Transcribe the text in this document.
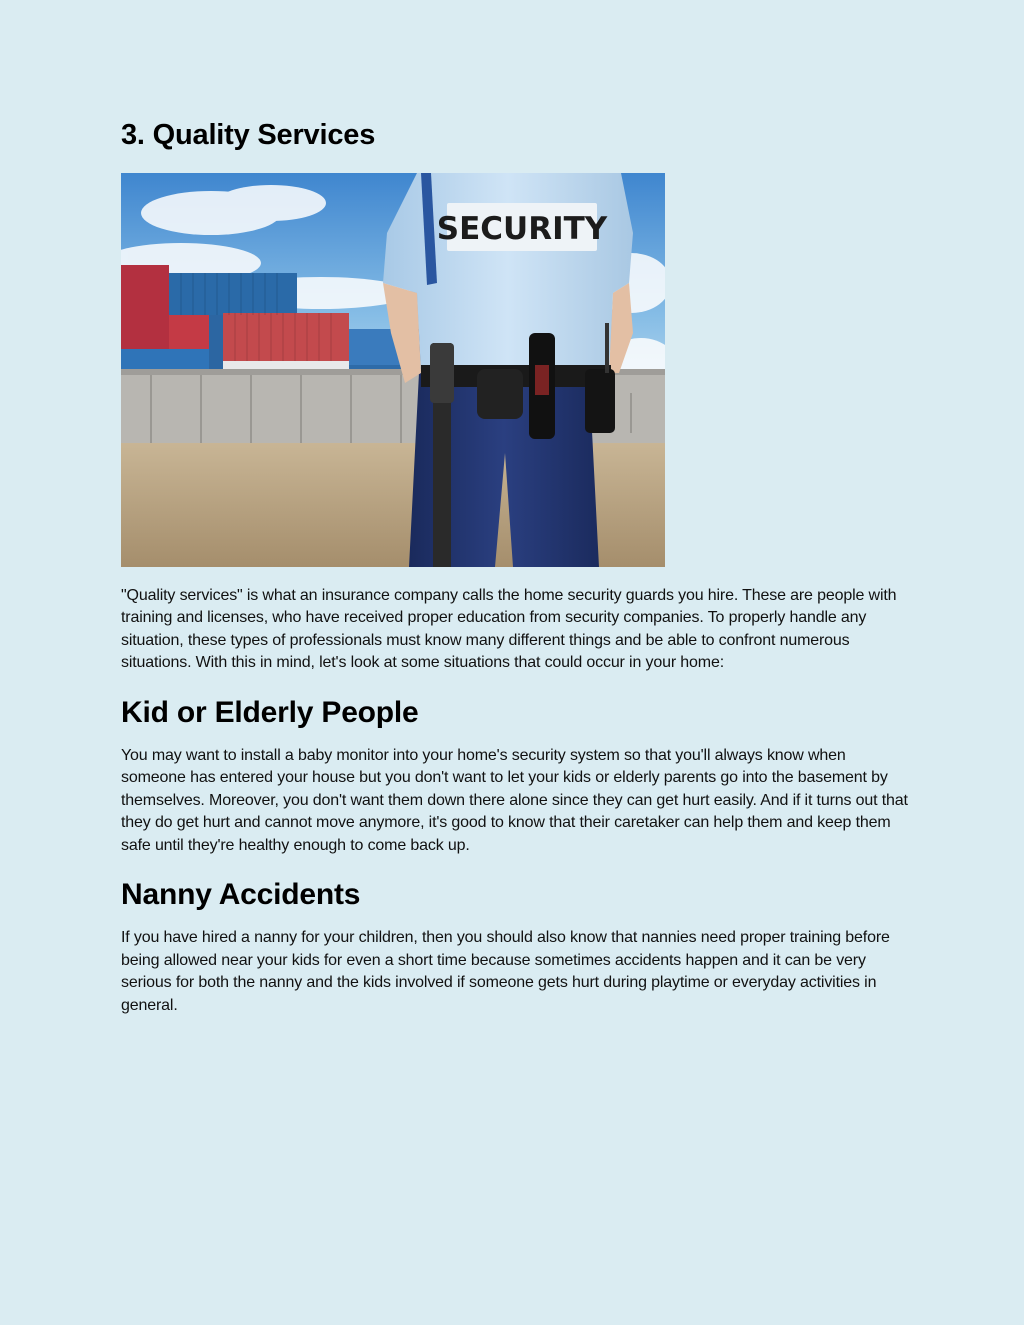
3. Quality Services
SECURITY

"Quality services" is what an insurance company calls the home security guards you hire. These are people with training and licenses, who have received proper education from security companies. To properly handle any situation, these types of professionals must know many different things and be able to confront numerous situations. With this in mind, let's look at some situations that could occur in your home:

Kid or Elderly People

You may want to install a baby monitor into your home's security system so that you'll always know when someone has entered your house but you don't want to let your kids or elderly parents go into the basement by themselves. Moreover, you don't want them down there alone since they can get hurt easily. And if it turns out that they do get hurt and cannot move anymore, it's good to know that their caretaker can help them and keep them safe until they're healthy enough to come back up.

Nanny Accidents

If you have hired a nanny for your children, then you should also know that nannies need proper training before being allowed near your kids for even a short time because sometimes accidents happen and it can be very serious for both the nanny and the kids involved if someone gets hurt during playtime or everyday activities in general.
